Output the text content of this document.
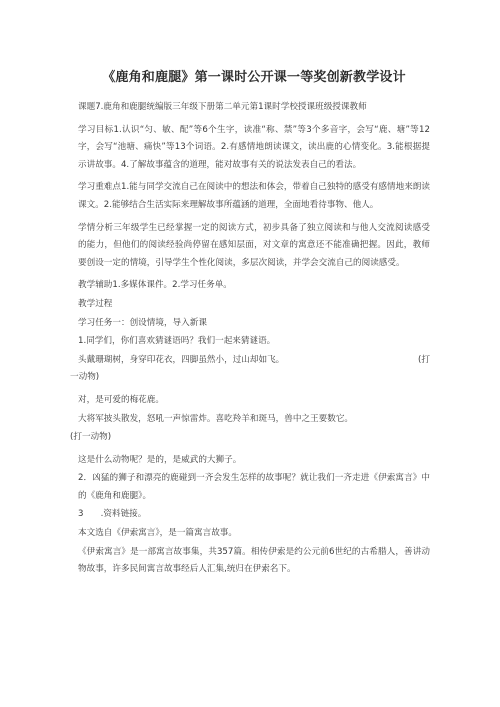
《鹿角和鹿腿》第一课时公开课一等奖创新教学设计
课题7.鹿角和鹿腿统编版三年级下册第二单元第1课时学校授课班级授课教师
学习目标1.认识“匀、敏、配”等6个生字，读准“称、禁”等3个多音字，会写“鹿、塘”等12字，会写“池塘、痛快”等13个词语。2.有感情地朗读课文，读出鹿的心情变化。3.能根据提示讲故事。4.了解故事蕴含的道理，能对故事有关的说法发表自己的看法。
学习重难点1.能与同学交流自己在阅读中的想法和体会，带着自己独特的感受有感情地来朗读课文。2.能够结合生活实际来理解故事所蕴涵的道理，全面地看待事物、他人。
学情分析三年级学生已经掌握一定的阅读方式，初步具备了独立阅读和与他人交流阅读感受的能力，但他们的阅读经验尚停留在感知层面，对文章的寓意还不能准确把握。因此，教师要创设一定的情境，引导学生个性化阅读，多层次阅读，并学会交流自己的阅读感受。
教学辅助1.多媒体课件。2.学习任务单。
教学过程
学习任务一：创设情境，导入新课
1.同学们，你们喜欢猜谜语吗？我们一起来猜谜语。
头戴珊瑚树，身穿印花衣，四脚虽然小，过山却如飞。	(打
一动物)
对，是可爱的梅花鹿。
大将军披头散发，怒吼一声惊雷炸。喜吃羚羊和斑马，兽中之王要数它。
(打一动物)
这是什么动物呢？是的，是威武的大狮子。
2．凶猛的狮子和漂亮的鹿碰到一齐会发生怎样的故事呢？就让我们一齐走进《伊索寓言》中的《鹿角和鹿腿》。
3　　.资料链接。
本文选自《伊索寓言》，是一篇寓言故事。
《伊索寓言》是一部寓言故事集，共357篇。相传伊索是约公元前6世纪的古希腊人，善讲动物故事，许多民间寓言故事经后人汇集,统归在伊索名下。
